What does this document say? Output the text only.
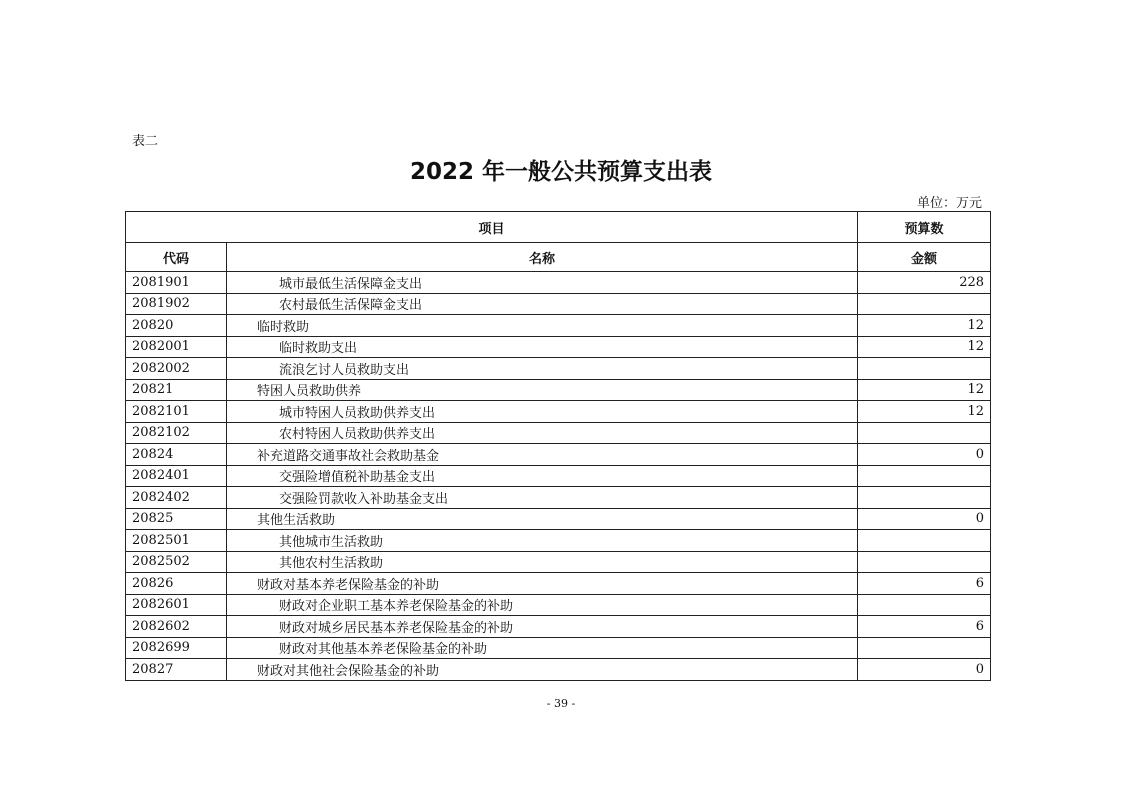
表二
2022 年一般公共预算支出表
单位：万元
项目		预算数
代码	名称	金额
2081901	城市最低生活保障金支出	228
2081902	农村最低生活保障金支出	
20820	临时救助	12
2082001	临时救助支出	12
2082002	流浪乞讨人员救助支出	
20821	特困人员救助供养	12
2082101	城市特困人员救助供养支出	12
2082102	农村特困人员救助供养支出	
20824	补充道路交通事故社会救助基金	0
2082401	交强险增值税补助基金支出	
2082402	交强险罚款收入补助基金支出	
20825	其他生活救助	0
2082501	其他城市生活救助	
2082502	其他农村生活救助	
20826	财政对基本养老保险基金的补助	6
2082601	财政对企业职工基本养老保险基金的补助	
2082602	财政对城乡居民基本养老保险基金的补助	6
2082699	财政对其他基本养老保险基金的补助	
20827	财政对其他社会保险基金的补助	0
- 39 -
